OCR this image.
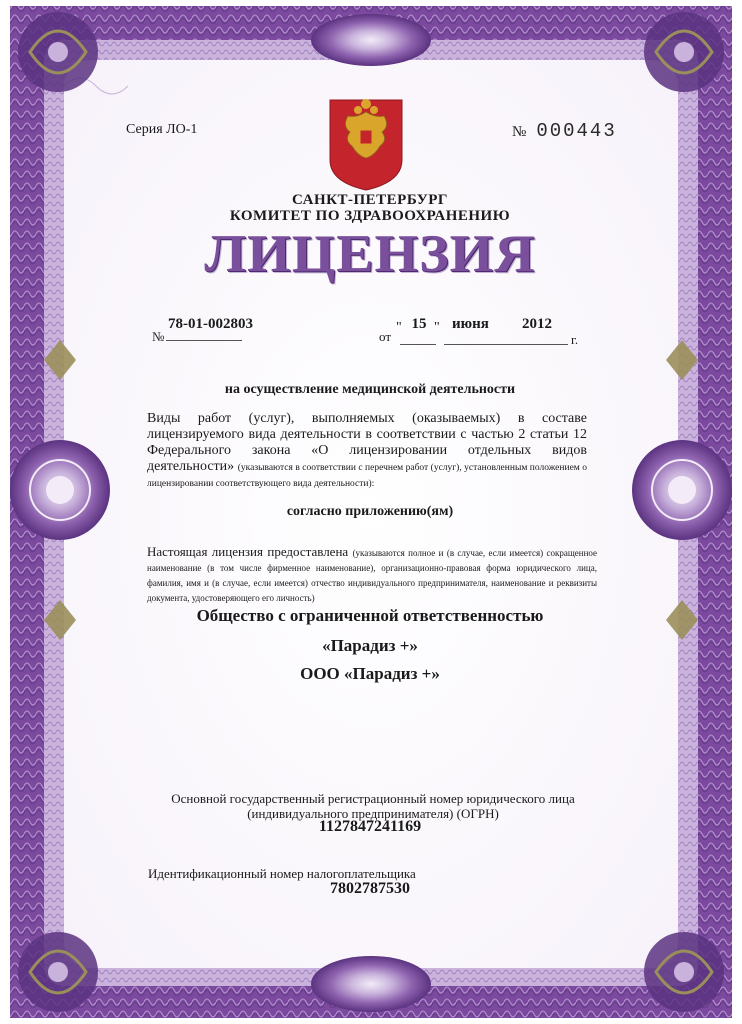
Серия ЛО-1	№ 000443
САНКТ-ПЕТЕРБУРГ
КОМИТЕТ ПО ЗДРАВООХРАНЕНИЮ
ЛИЦЕНЗИЯ
№
78-01-002803
от
" 15 " июня 2012
г.
на осуществление медицинской деятельности
Виды работ (услуг), выполняемых (оказываемых) в составе лицензируемого вида деятельности в соответствии с частью 2 статьи 12 Федерального закона «О лицензировании отдельных видов деятельности» (указываются в соответствии с перечнем работ (услуг), установленным положением о лицензировании соответствующего вида деятельности):
согласно приложению(ям)
Настоящая лицензия предоставлена (указываются полное и (в случае, если имеется) сокращенное наименование (в том числе фирменное наименование), организационно-правовая форма юридического лица, фамилия, имя и (в случае, если имеется) отчество индивидуального предпринимателя, наименование и реквизиты документа, удостоверяющего его личность)
Общество с ограниченной ответственностью
«Парадиз +»
ООО «Парадиз +»
Основной государственный регистрационный номер юридического лица (индивидуального предпринимателя) (ОГРН)
1127847241169
Идентификационный номер налогоплательщика
7802787530
